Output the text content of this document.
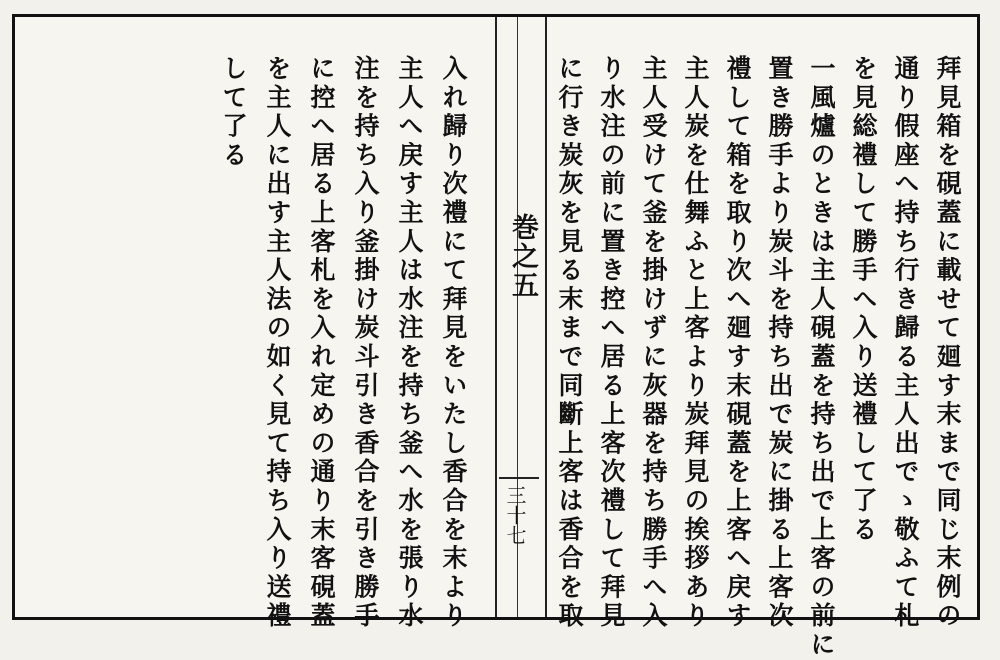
入れ歸り次禮にて拜見をいたし香合を末より
主人へ戻す主人は水注を持ち釜へ水を張り水
注を持ち入り釜掛け炭斗引き香合を引き勝手
に控へ居る上客札を入れ定めの通り末客硯蓋
を主人に出す主人法の如く見て持ち入り送禮
して了る
巻之五
三十七	拜見箱を硯蓋に載せて廻す末まで同じ末例の
通り假座へ持ち行き歸る主人出でゝ敬ふて札
を見総禮して勝手へ入り送禮して了る
一風爐のときは主人硯蓋を持ち出で上客の前に
置き勝手より炭斗を持ち出で炭に掛る上客次
禮して箱を取り次へ廻す末硯蓋を上客へ戻す
主人炭を仕舞ふと上客より炭拜見の挨拶あり
主人受けて釜を掛けずに灰器を持ち勝手へ入
り水注の前に置き控へ居る上客次禮して拜見
に行き炭灰を見る末まで同斷上客は香合を取
